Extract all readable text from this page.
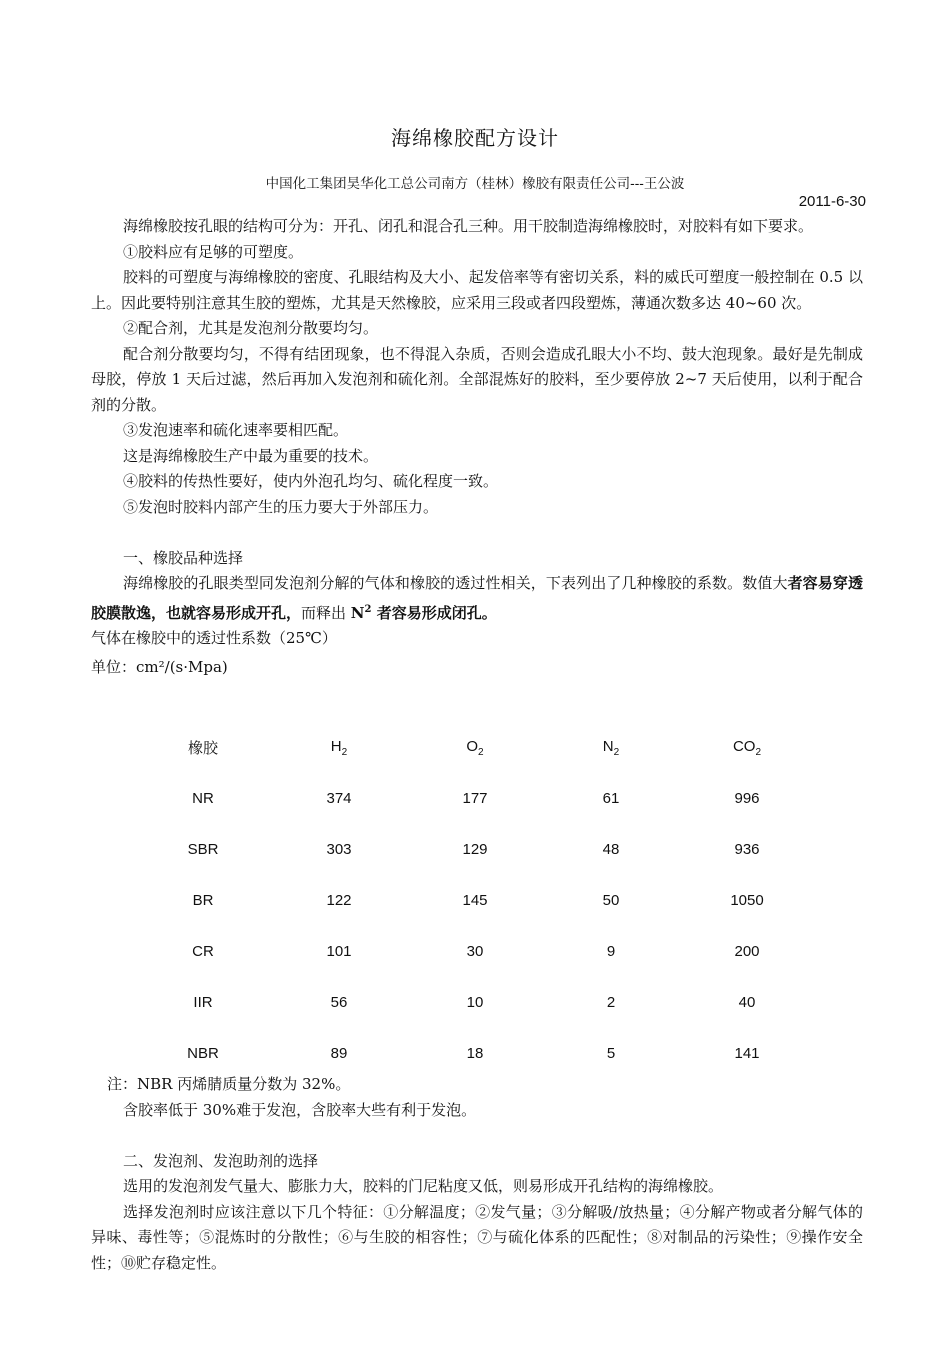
海绵橡胶配方设计
中国化工集团昊华化工总公司南方（桂林）橡胶有限责任公司---王公波
2011-6-30

海绵橡胶按孔眼的结构可分为：开孔、闭孔和混合孔三种。用干胶制造海绵橡胶时，对胶料有如下要求。

①胶料应有足够的可塑度。

胶料的可塑度与海绵橡胶的密度、孔眼结构及大小、起发倍率等有密切关系，料的威氏可塑度一般控制在 0.5 以上。因此要特别注意其生胶的塑炼，尤其是天然橡胶，应采用三段或者四段塑炼，薄通次数多达 40~60 次。

②配合剂，尤其是发泡剂分散要均匀。

配合剂分散要均匀，不得有结团现象，也不得混入杂质，否则会造成孔眼大小不均、鼓大泡现象。最好是先制成母胶，停放 1 天后过滤，然后再加入发泡剂和硫化剂。全部混炼好的胶料，至少要停放 2~7 天后使用，以利于配合剂的分散。

③发泡速率和硫化速率要相匹配。

这是海绵橡胶生产中最为重要的技术。

④胶料的传热性要好，使内外泡孔均匀、硫化程度一致。

⑤发泡时胶料内部产生的压力要大于外部压力。

一、橡胶品种选择

海绵橡胶的孔眼类型同发泡剂分解的气体和橡胶的透过性相关，下表列出了几种橡胶的系数。数值大者容易穿透胶膜散逸，也就容易形成开孔，而释出 $N^2$ 者容易形成闭孔。

气体在橡胶中的透过性系数（25℃）

单位：cm²/(s·Mpa)

橡胶	$H_2$	$O_2$	$N_2$	$CO_2$
NR	374	177	61	996
SBR	303	129	48	936
BR	122	145	50	1050
CR	101	30	9	200
IIR	56	10	2	40
NBR	89	18	5	141

注：NBR 丙烯腈质量分数为 32%。

含胶率低于 30%难于发泡，含胶率大些有利于发泡。

二、发泡剂、发泡助剂的选择

选用的发泡剂发气量大、膨胀力大，胶料的门尼粘度又低，则易形成开孔结构的海绵橡胶。

选择发泡剂时应该注意以下几个特征：①分解温度；②发气量；③分解吸/放热量；④分解产物或者分解气体的异味、毒性等；⑤混炼时的分散性；⑥与生胶的相容性；⑦与硫化体系的匹配性；⑧对制品的污染性；⑨操作安全性；⑩贮存稳定性。
